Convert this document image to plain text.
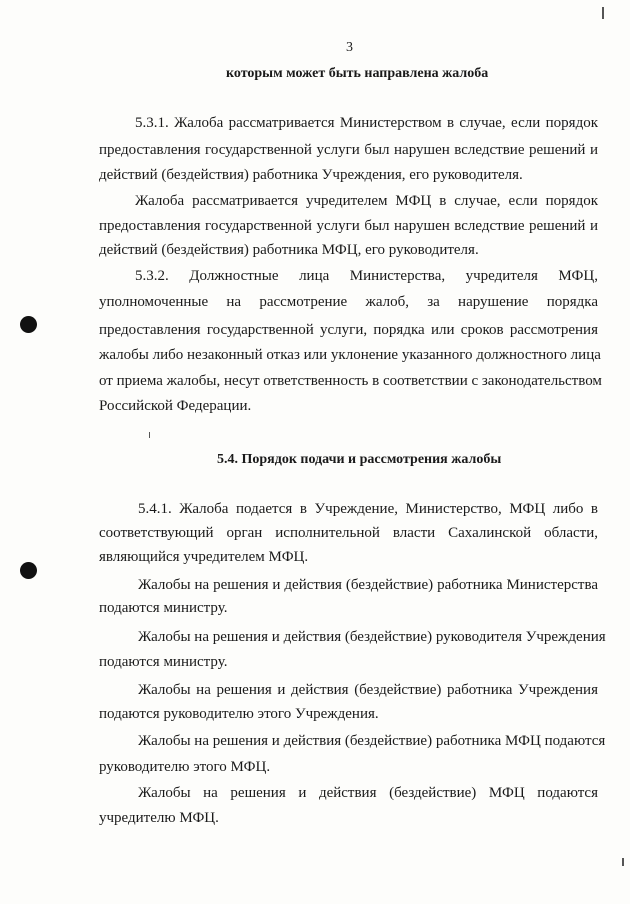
3
которым может быть направлена жалоба
5.3.1. Жалоба рассматривается Министерством в случае, если порядок
предоставления государственной услуги был нарушен вследствие решений и
действий (бездействия) работника Учреждения, его руководителя.
Жалоба рассматривается учредителем МФЦ в случае, если порядок
предоставления государственной услуги был нарушен вследствие решений и
действий (бездействия) работника МФЦ, его руководителя.
5.3.2. Должностные лица Министерства, учредителя МФЦ,
уполномоченные на рассмотрение жалоб, за нарушение порядка
предоставления государственной услуги, порядка или сроков рассмотрения
жалобы либо незаконный отказ или уклонение указанного должностного лица
от приема жалобы, несут ответственность в соответствии с законодательством
Российской Федерации.
5.4. Порядок подачи и рассмотрения жалобы
5.4.1. Жалоба подается в Учреждение, Министерство, МФЦ либо в
соответствующий орган исполнительной власти Сахалинской области,
являющийся учредителем МФЦ.
Жалобы на решения и действия (бездействие) работника Министерства
подаются министру.
Жалобы на решения и действия (бездействие) руководителя Учреждения
подаются министру.
Жалобы на решения и действия (бездействие) работника Учреждения
подаются руководителю этого Учреждения.
Жалобы на решения и действия (бездействие) работника МФЦ подаются
руководителю этого МФЦ.
Жалобы на решения и действия (бездействие) МФЦ подаются
учредителю МФЦ.
